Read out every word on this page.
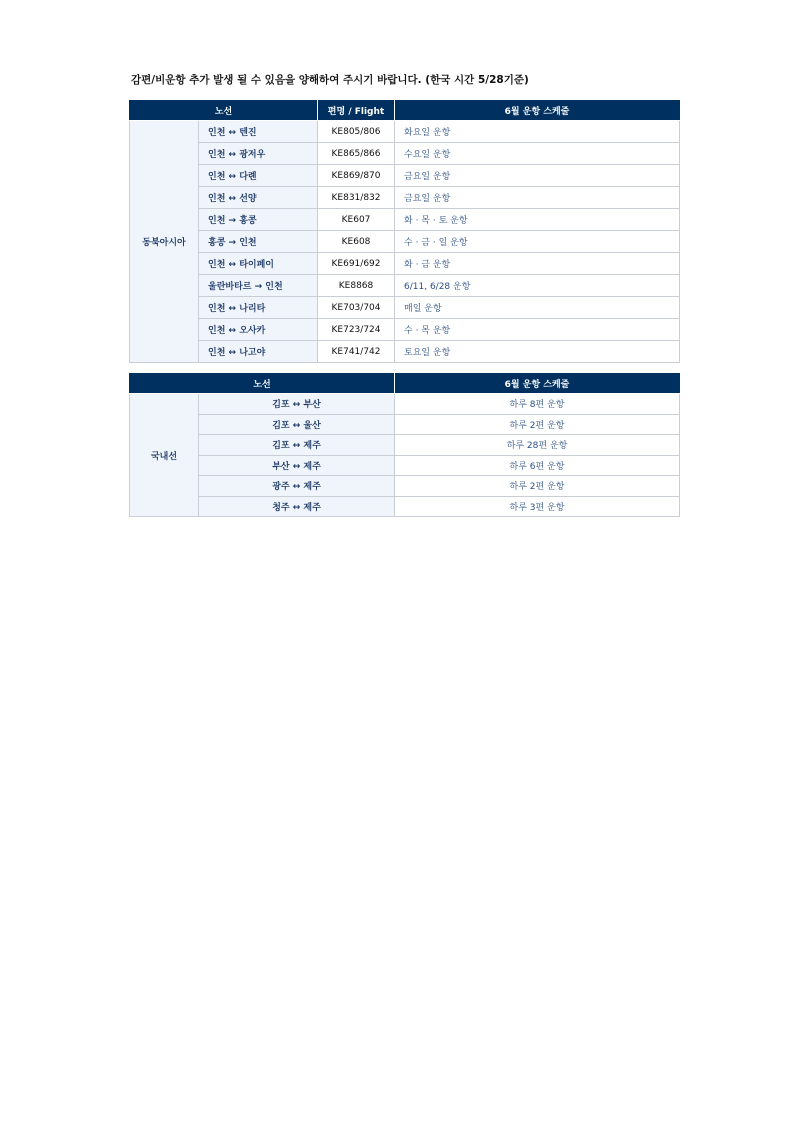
감편/비운항 추가 발생 될 수 있음을 양해하여 주시기 바랍니다. (한국 시간 5/28기준)
노선		편명 / Flight	6월 운항 스케줄
동북아시아	인천 ↔ 텐진	KE805/806	화요일 운항
	인천 ↔ 광저우	KE865/866	수요일 운항
	인천 ↔ 다롄	KE869/870	금요일 운항
	인천 ↔ 선양	KE831/832	금요일 운항
	인천 → 홍콩	KE607	화 · 목 · 토 운항
	홍콩 → 인천	KE608	수 · 금 · 일 운항
	인천 ↔ 타이페이	KE691/692	화 · 금 운항
	울란바타르 → 인천	KE8868	6/11, 6/28 운항
	인천 ↔ 나리타	KE703/704	매일 운항
	인천 ↔ 오사카	KE723/724	수 · 목 운항
	인천 ↔ 나고야	KE741/742	토요일 운항
노선		6월 운항 스케줄
국내선	김포 ↔ 부산	하루 8편 운항
	김포 ↔ 울산	하루 2편 운항
	김포 ↔ 제주	하루 28편 운항
	부산 ↔ 제주	하루 6편 운항
	광주 ↔ 제주	하루 2편 운항
	청주 ↔ 제주	하루 3편 운항
